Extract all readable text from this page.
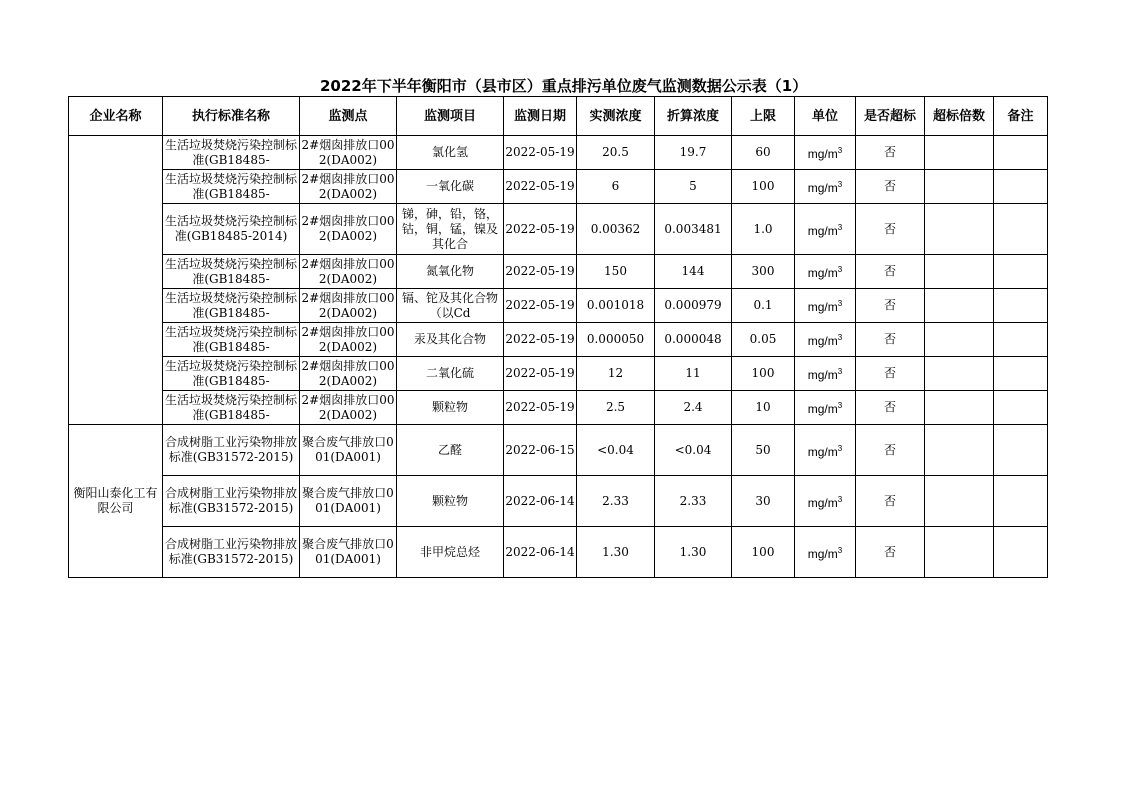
2022年下半年衡阳市（县市区）重点排污单位废气监测数据公示表（1）
企业名称	执行标准名称	监测点	监测项目	监测日期	实测浓度	折算浓度	上限	单位	是否超标	超标倍数	备注

	生活垃圾焚烧污染控制标准(GB18485-	2#烟囱排放口002(DA002)	氯化氢	2022-05-19	20.5	19.7	60	$mg/m^3$	否		

	生活垃圾焚烧污染控制标准(GB18485-	2#烟囱排放口002(DA002)	一氧化碳	2022-05-19	6	5	100	$mg/m^3$	否		

	生活垃圾焚烧污染控制标准(GB18485-2014)	2#烟囱排放口002(DA002)	锑，砷，铅，铬，钴，铜，锰，镍及其化合	2022-05-19	0.00362	0.003481	1.0	$mg/m^3$	否		

	生活垃圾焚烧污染控制标准(GB18485-	2#烟囱排放口002(DA002)	氮氧化物	2022-05-19	150	144	300	$mg/m^3$	否		

	生活垃圾焚烧污染控制标准(GB18485-	2#烟囱排放口002(DA002)	镉、铊及其化合物（以Cd	2022-05-19	0.001018	0.000979	0.1	$mg/m^3$	否		

	生活垃圾焚烧污染控制标准(GB18485-	2#烟囱排放口002(DA002)	汞及其化合物	2022-05-19	0.000050	0.000048	0.05	$mg/m^3$	否		

	生活垃圾焚烧污染控制标准(GB18485-	2#烟囱排放口002(DA002)	二氧化硫	2022-05-19	12	11	100	$mg/m^3$	否		

	生活垃圾焚烧污染控制标准(GB18485-	2#烟囱排放口002(DA002)	颗粒物	2022-05-19	2.5	2.4	10	$mg/m^3$	否		

衡阳山泰化工有限公司	合成树脂工业污染物排放标准(GB31572-2015)	聚合废气排放口001(DA001)	乙醛	2022-06-15	<0.04	<0.04	50	$mg/m^3$	否		

	合成树脂工业污染物排放标准(GB31572-2015)	聚合废气排放口001(DA001)	颗粒物	2022-06-14	2.33	2.33	30	$mg/m^3$	否		

	合成树脂工业污染物排放标准(GB31572-2015)	聚合废气排放口001(DA001)	非甲烷总烃	2022-06-14	1.30	1.30	100	$mg/m^3$	否		
